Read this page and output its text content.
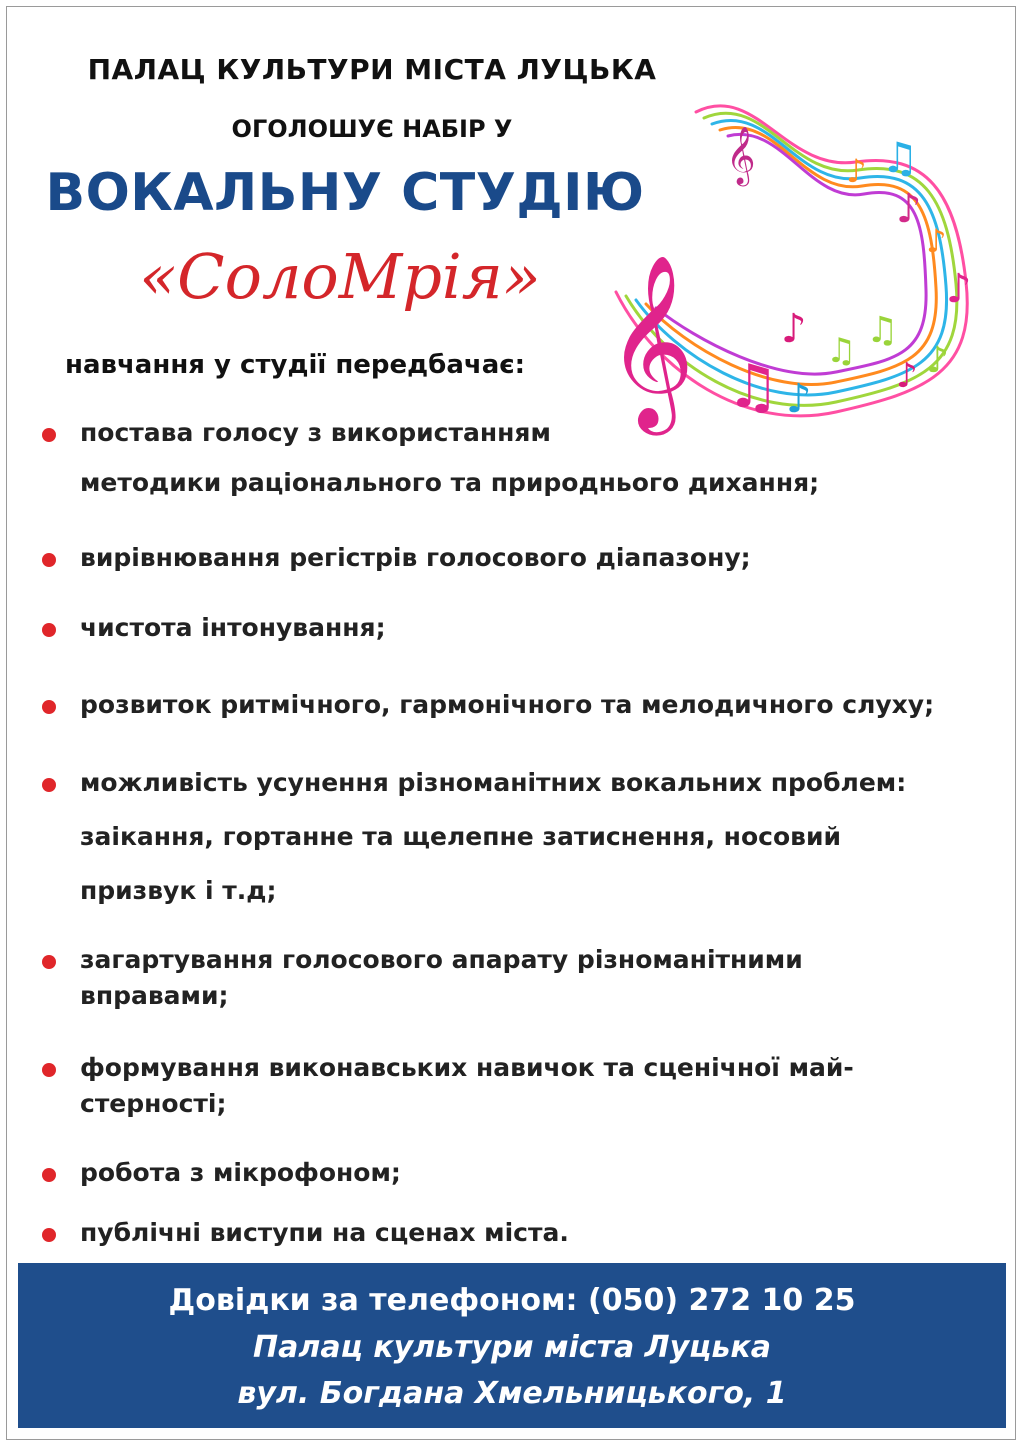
ПАЛАЦ КУЛЬТУРИ МІСТА ЛУЦЬКА
ОГОЛОШУЄ НАБІР У
ВОКАЛЬНУ СТУДІЮ
«СолоМрія»
навчання у студії передбачає: 𝄞
𝄞
♫
♪
♪
♫
♪ ♫
♪
♪
♪
♫
♪
♪
постава голосу з використанням
методики раціонального та природнього дихання;
вирівнювання регістрів голосового діапазону;
чистота інтонування;
розвиток ритмічного, гармонічного та мелодичного слуху;
можливість усунення різноманітних вокальних проблем:
заікання, гортанне та щелепне затиснення, носовий
призвук і т.д;
загартування голосового апарату різноманітними
вправами;
формування виконавських навичок та сценічної май-
стерності;
робота з мікрофоном;
публічні виступи на сценах міста.
Довідки за телефоном: (050) 272 10 25
Палац культури міста Луцька
вул. Богдана Хмельницького, 1
